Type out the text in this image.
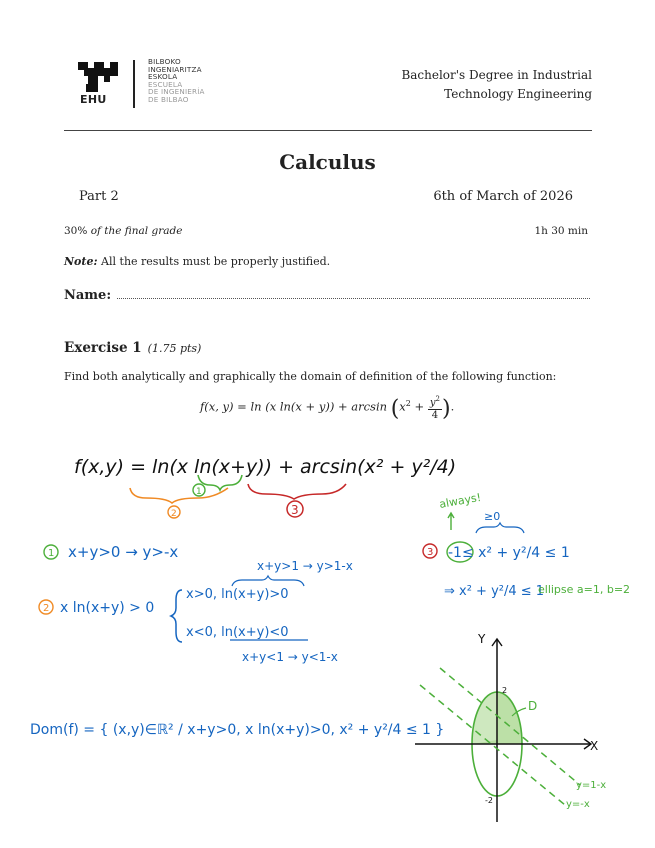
EHU
BILBOKO
INGENIARITZA
ESKOLA
ESCUELA
DE INGENIERÍA
DE BILBAO
Bachelor's Degree in Industrial
Technology Engineering
Calculus
Part 2	6th of March of 2026
30% of the final grade	1h 30 min
Note: All the results must be properly justified.
Name:
Exercise 1 (1.75 pts)
Find both analytically and graphically the domain of definition of the following function:
f(x, y) = ln (x $\ln(x + y)) + \arcsin (x^2 + \frac{y^2}{4}$ ).
f(x,y) = ln(x ln(x+y)) + arcsin(x² + y²/4)
1
2	3
1 x+y>0 → y>-x
x+y>1 → y>1-x
2 x ln(x+y) > 0
x>0, ln(x+y)>0
x<0, ln(x+y)<0
x+y<1 → y<1-x
Dom(f) = { (x,y)∈ℝ² / x+y>0, x ln(x+y)>0, x² + y²/4 ≤ 1 }
always!
≥0
3 -1≤ x² + y²/4 ≤ 1
⇒ x² + y²/4 ≤ 1
ellipse a=1, b=2
Y
X
2
-2
D
y=1-x
y=-x
